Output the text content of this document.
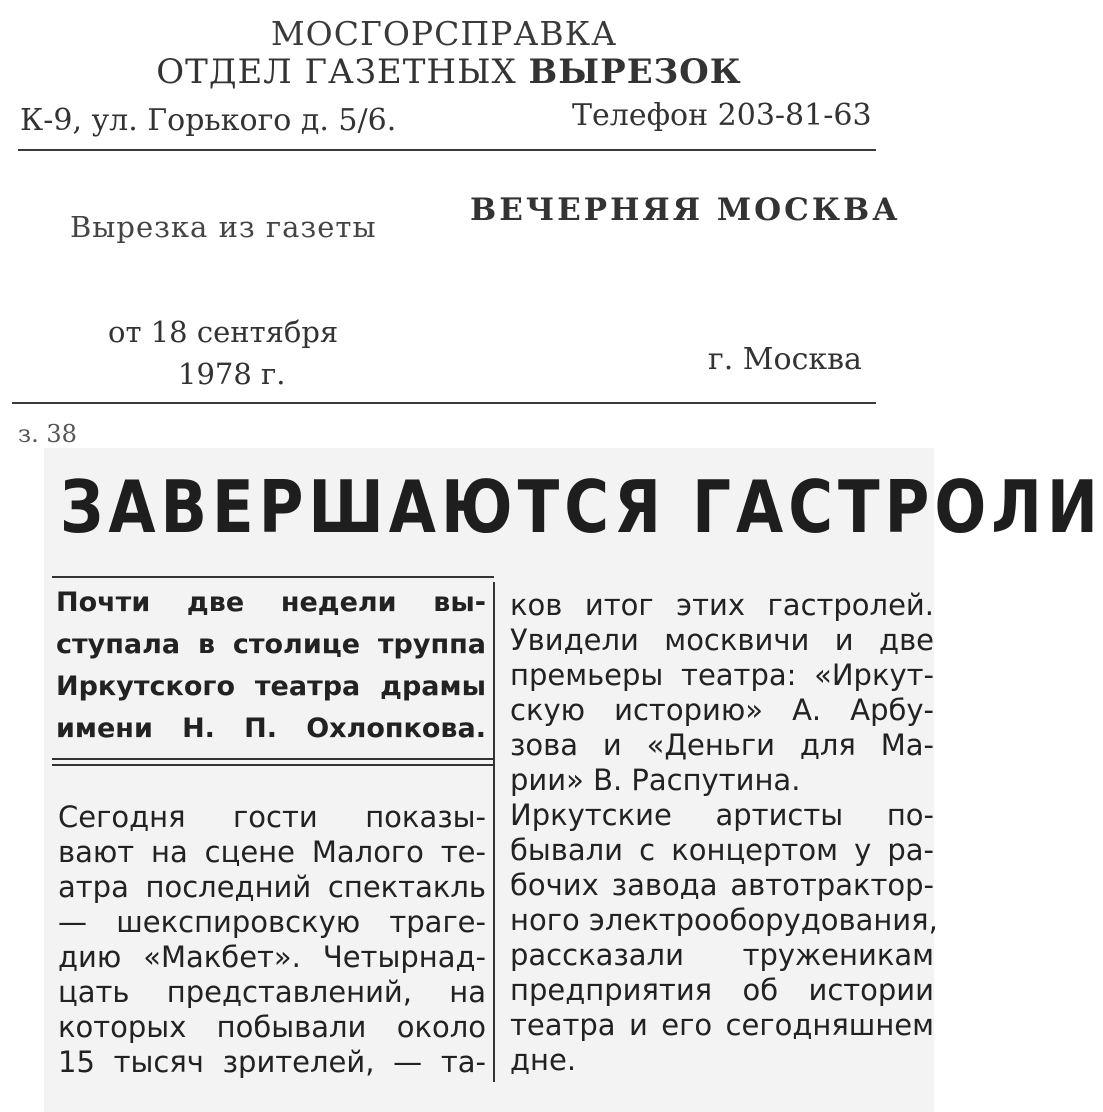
МОСГОРСПРАВКА
ОТДЕЛ ГАЗЕТНЫХ ВЫРЕЗОК
К-9, ул. Горького д. 5/6.	Телефон 203-81-63
Вырезка из газеты	ВЕЧЕРНЯЯ МОСКВА
от 18 сентября
1978 г.	г. Москва
з. 38
ЗАВЕРШАЮТСЯ ГАСТРОЛИ
Почти две недели вы-
ступала в столице труппа
Иркутского театра драмы
имени Н. П. Охлопкова.
Сегодня гости показы-
вают на сцене Малого те-
атра последний спектакль
— шекспировскую траге-
дию «Макбет». Четырнад-
цать представлений, на
которых побывали около
15 тысяч зрителей, — та-
ков итог этих гастролей.
Увидели москвичи и две
премьеры театра: «Иркут-
скую историю» А. Арбу-
зова и «Деньги для Ма-
рии» В. Распутина.
Иркутские артисты по-
бывали с концертом у ра-
бочих завода автотрактор-
ного электрооборудования,
рассказали труженикам
предприятия об истории
театра и его сегодняшнем
дне.
